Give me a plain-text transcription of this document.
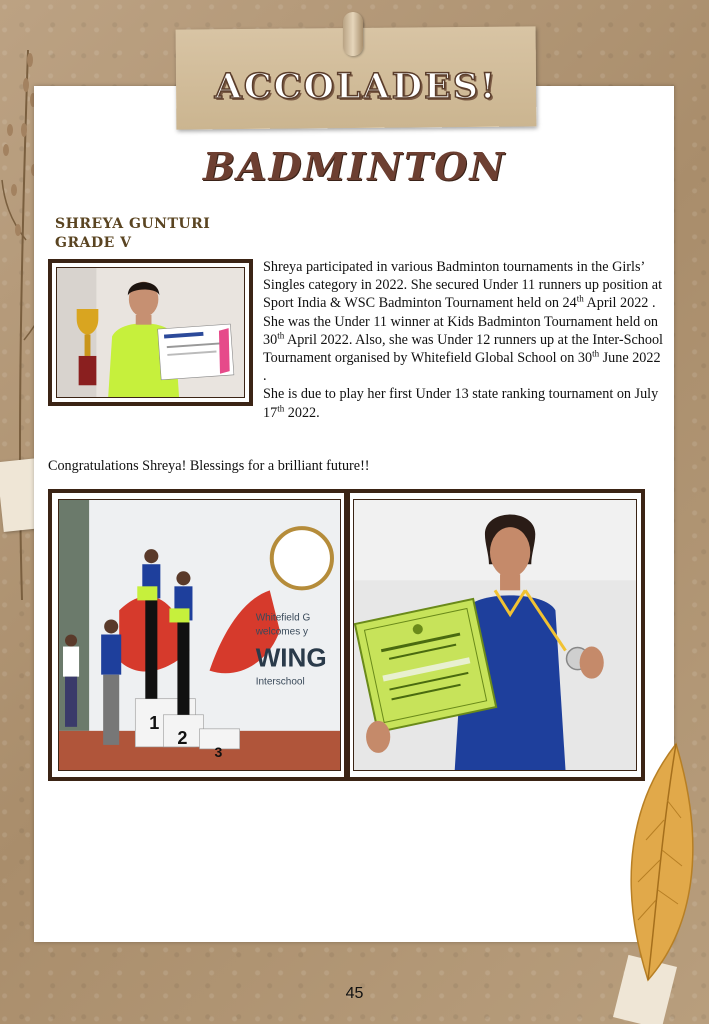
ACCOLADES!
BADMINTON
SHREYA GUNTURI
GRADE V

Shreya participated in various Badminton tournaments in the Girls’ Singles category in 2022. She secured Under 11 runners up position at Sport India & WSC Badminton Tournament held on 24th April 2022 . She was the Under 11 winner at Kids Badminton Tournament held on 30th April 2022. Also, she was Under 12 runners up at the Inter-School Tournament organised by Whitefield Global School on 30th June 2022 .

She is due to play her first Under 13 state ranking tournament on July 17th 2022.

Congratulations Shreya! Blessings for a brilliant future!!
Whitefield G
welcomes y
WING
Interschool
1
2
3
45
